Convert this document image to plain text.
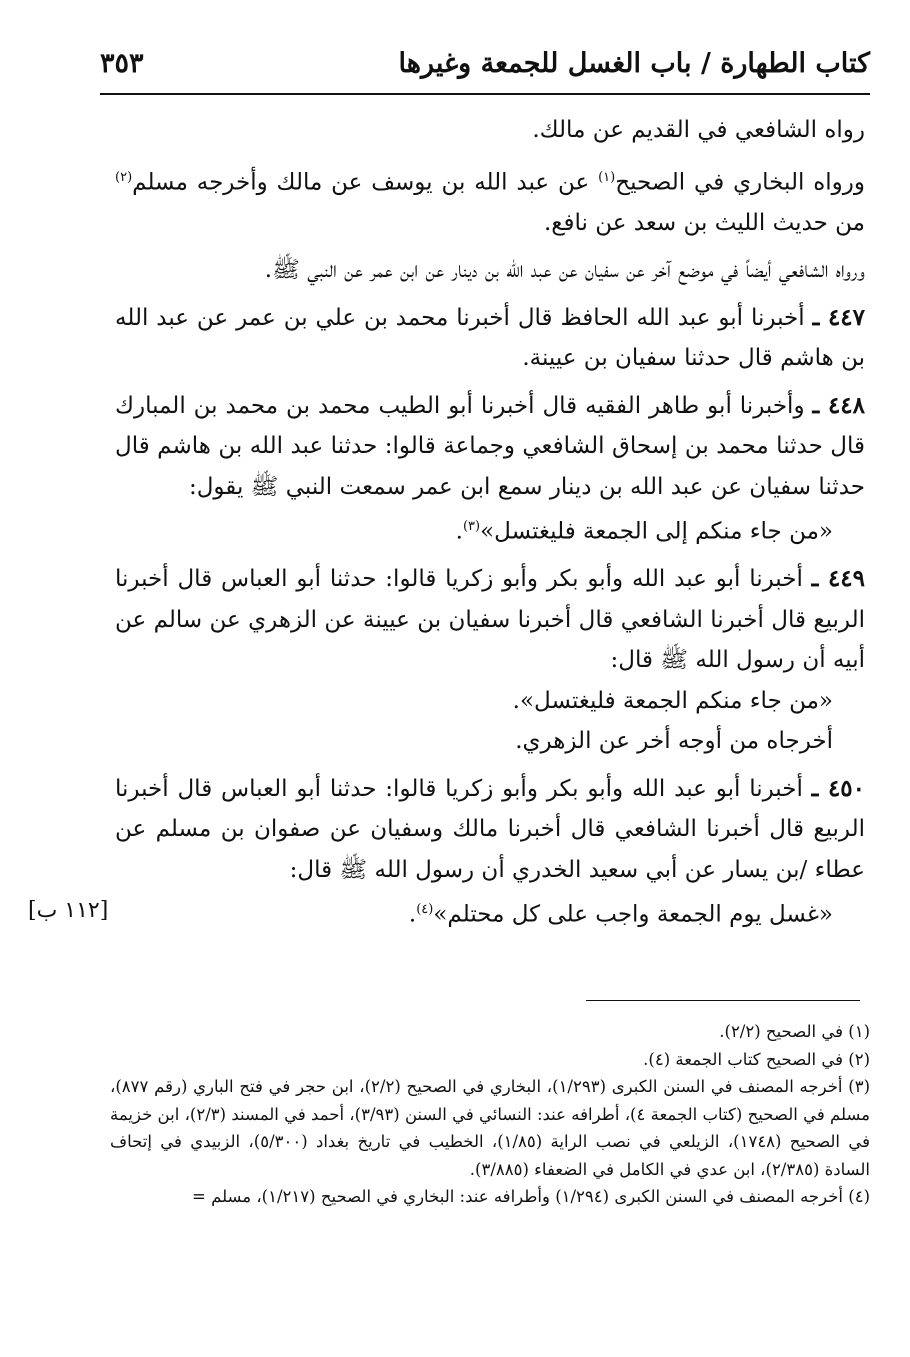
كتاب الطهارة / باب الغسل للجمعة وغيرها
٣٥٣

رواه الشافعي في القديم عن مالك.

ورواه البخاري في الصحيح$^{(١)}$ عن عبد الله بن يوسف عن مالك وأخرجه مسلم$^{(٢)}$ من حديث الليث بن سعد عن نافع.

ورواه الشافعي أيضاً في موضع آخر عن سفيان عن عبد الله بن دينار عن ابن عمر عن النبي ﷺ.

٤٤٧ ـ أخبرنا أبو عبد الله الحافظ قال أخبرنا محمد بن علي بن عمر عن عبد الله بن هاشم قال حدثنا سفيان بن عيينة.

٤٤٨ ـ وأخبرنا أبو طاهر الفقيه قال أخبرنا أبو الطيب محمد بن محمد بن المبارك قال حدثنا محمد بن إسحاق الشافعي وجماعة قالوا: حدثنا عبد الله بن هاشم قال حدثنا سفيان عن عبد الله بن دينار سمع ابن عمر سمعت النبي ﷺ يقول:

«من جاء منكم إلى الجمعة فليغتسل»$^{(٣)}$.

٤٤٩ ـ أخبرنا أبو عبد الله وأبو بكر وأبو زكريا قالوا: حدثنا أبو العباس قال أخبرنا الربيع قال أخبرنا الشافعي قال أخبرنا سفيان بن عيينة عن الزهري عن سالم عن أبيه أن رسول الله ﷺ قال:

«من جاء منكم الجمعة فليغتسل».

أخرجاه من أوجه أخر عن الزهري.

٤٥٠ ـ أخبرنا أبو عبد الله وأبو بكر وأبو زكريا قالوا: حدثنا أبو العباس قال أخبرنا الربيع قال أخبرنا الشافعي قال أخبرنا مالك وسفيان عن صفوان بن مسلم عن عطاء /بن يسار عن أبي سعيد الخدري أن رسول الله ﷺ قال:

«غسل يوم الجمعة واجب على كل محتلم»$^{(٤)}$.

[١١٢ ب]

(١) في الصحيح (٢/٢).

(٢) في الصحيح كتاب الجمعة (٤).

(٣) أخرجه المصنف في السنن الكبرى (١/٢٩٣)، البخاري في الصحيح (٢/٢)، ابن حجر في فتح الباري (رقم ٨٧٧)، مسلم في الصحيح (كتاب الجمعة ٤)، أطرافه عند: النسائي في السنن (٣/٩٣)، أحمد في المسند (٢/٣)، ابن خزيمة في الصحيح (١٧٤٨)، الزيلعي في نصب الراية (١/٨٥)، الخطيب في تاريخ بغداد (٥/٣٠٠)، الزبيدي في إتحاف السادة (٢/٣٨٥)، ابن عدي في الكامل في الضعفاء (٣/٨٨٥).

(٤) أخرجه المصنف في السنن الكبرى (١/٢٩٤) وأطرافه عند: البخاري في الصحيح (١/٢١٧)، مسلم =
